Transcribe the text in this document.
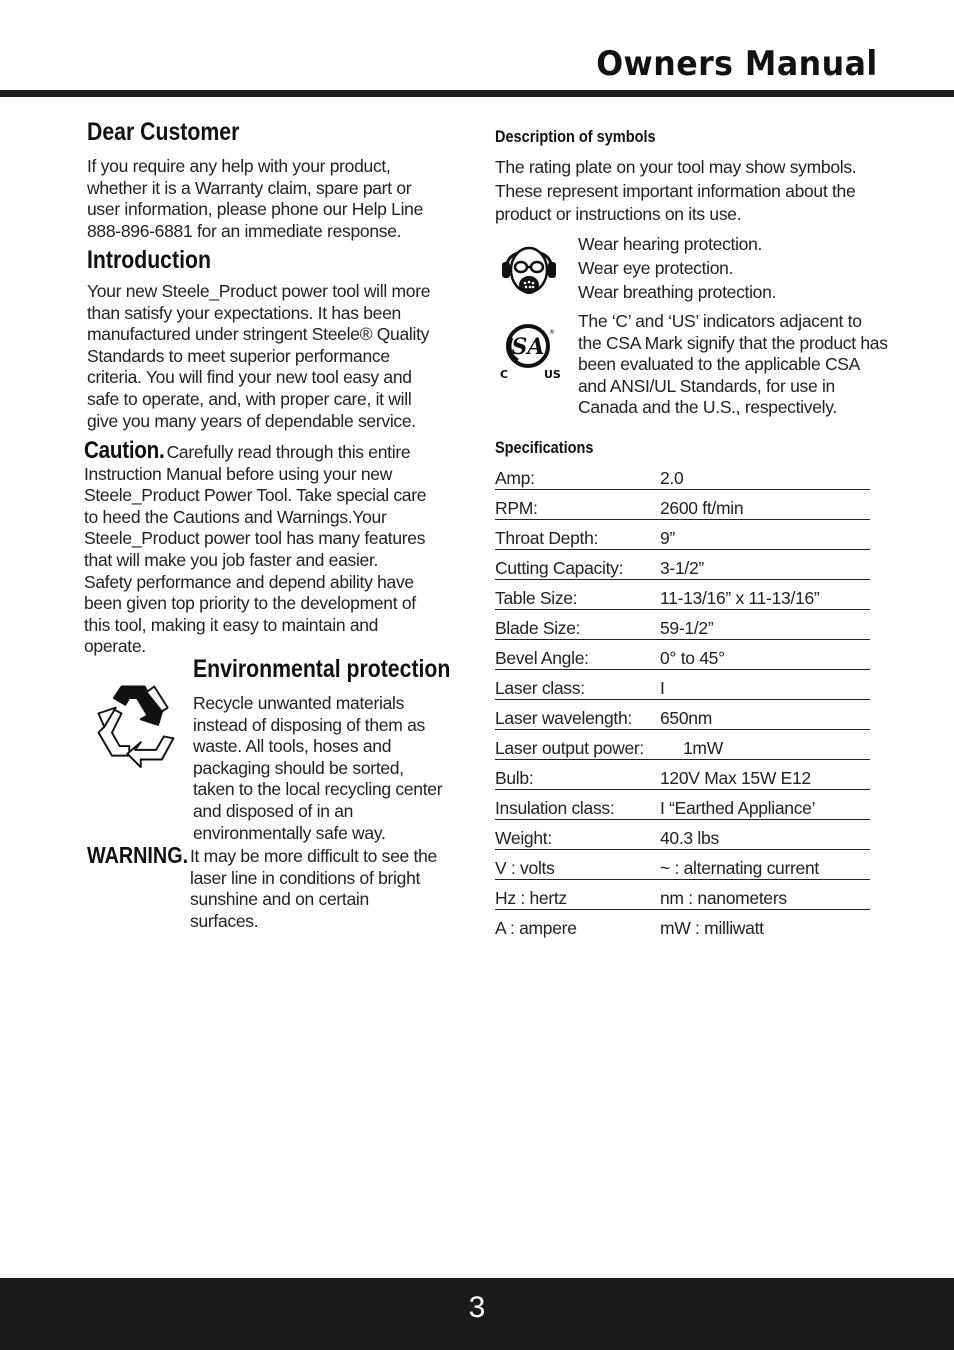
Owners Manual
Dear Customer

If you require any help with your product, whether it is a Warranty claim, spare part or user information, please phone our Help Line 888-896-6881 for an immediate response.

Introduction

Your new Steele_Product power tool will more than satisfy your expectations. It has been manufactured under stringent Steele® Quality Standards to meet superior performance criteria. You will find your new tool easy and safe to operate, and, with proper care, it will give you many years of dependable service.

Caution. Carefully read through this entire Instruction Manual before using your new Steele_Product Power Tool. Take special care to heed the Cautions and Warnings.Your Steele_Product power tool has many features that will make you job faster and easier. Safety performance and depend ability have been given top priority to the development of this tool, making it easy to maintain and operate.

Environmental protection

Recycle unwanted materials instead of disposing of them as waste. All tools, hoses and packaging should be sorted, taken to the local recycling center and disposed of in an environmentally safe way.

WARNING. It may be more difficult to see the laser line in conditions of bright sunshine and on certain surfaces.

Description of symbols

The rating plate on your tool may show symbols. These represent important information about the product or instructions on its use.

Wear hearing protection.
Wear eye protection.
Wear breathing protection.
SA
C	US
®

The ‘C’ and ‘US’ indicators adjacent to the CSA Mark signify that the product has been evaluated to the applicable CSA and ANSI/UL Standards, for use in Canada and the U.S., respectively.

Specifications
Amp:	2.0
RPM:	2600 ft/min
Throat Depth:	9”
Cutting Capacity:	3-1/2”
Table Size:	11-13/16” x 11-13/16”
Blade Size:	59-1/2”
Bevel Angle:	0° to 45°
Laser class:	I
Laser wavelength:	650nm
Laser output power:	1mW
Bulb:	120V Max 15W E12
Insulation class:	I “Earthed Appliance’
Weight:	40.3 lbs
V : volts	~ : alternating current
Hz : hertz	nm : nanometers
A : ampere	mW : milliwatt
3
